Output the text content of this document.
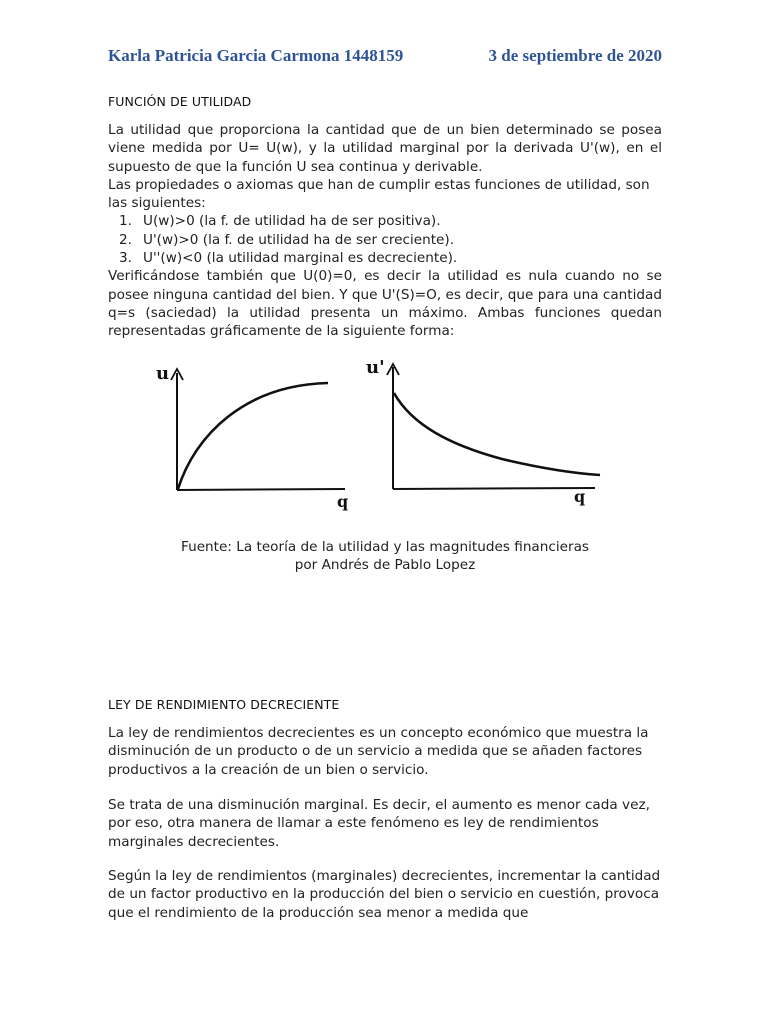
Karla Patricia Garcia Carmona 1448159	3 de septiembre de 2020
FUNCIÓN DE UTILIDAD

La utilidad que proporciona la cantidad que de un bien determinado se posea viene medida por U= U(w), y la utilidad marginal por la derivada U'(w), en el supuesto de que la función U sea continua y derivable.

Las propiedades o axiomas que han de cumplir estas funciones de utilidad, son las siguientes:

1. U(w)>0 (la f. de utilidad ha de ser positiva).
2. U'(w)>0 (la f. de utilidad ha de ser creciente).
3. U''(w)<0 (la utilidad marginal es decreciente).

Verificándose también que U(0)=0, es decir la utilidad es nula cuando no se posee ninguna cantidad del bien. Y que U'(S)=O, es decir, que para una cantidad q=s (saciedad) la utilidad presenta un máximo. Ambas funciones quedan representadas gráficamente de la siguiente forma:

u
q
u'
q
Fuente: La teoría de la utilidad y las magnitudes financieras
por Andrés de Pablo Lopez
LEY DE RENDIMIENTO DECRECIENTE

La ley de rendimientos decrecientes es un concepto económico que muestra la disminución de un producto o de un servicio a medida que se añaden factores productivos a la creación de un bien o servicio.

Se trata de una disminución marginal. Es decir, el aumento es menor cada vez, por eso, otra manera de llamar a este fenómeno es ley de rendimientos marginales decrecientes.

Según la ley de rendimientos (marginales) decrecientes, incrementar la cantidad de un factor productivo en la producción del bien o servicio en cuestión, provoca que el rendimiento de la producción sea menor a medida que
